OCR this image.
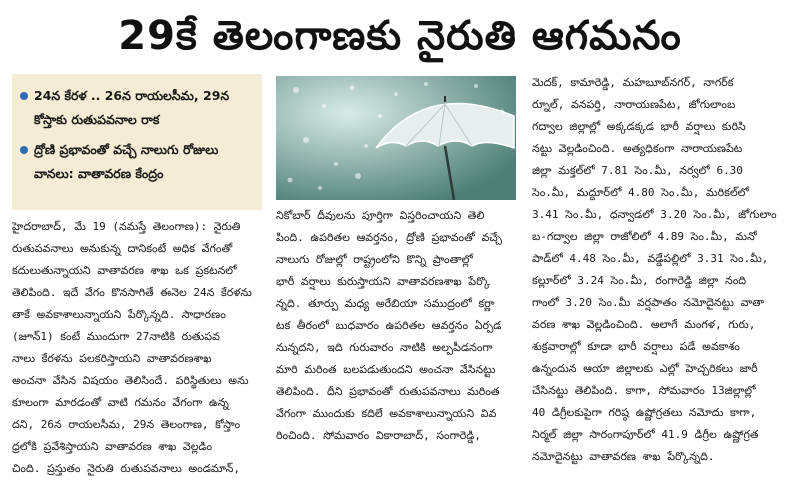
29కే తెలంగాణకు నైరుతి ఆగమనం
24న కేరళ .. 26న రాయలసీమ, 29న కోస్తాకు రుతుపవనాల రాక
ద్రోణి ప్రభావంతో వచ్చే నాలుగు రోజులు వానలు: వాతావరణ కేంద్రం
హైదరాబాద్, మే 19 (నమస్తే తెలంగాణ): నైరుతి
రుతుపవనాలు అనుకున్న దానికంటే అధిక వేగంతో
కదులుతున్నాయని వాతావరణ శాఖ ఒక ప్రకటనలో
తెలిపింది. ఇదే వేగం కొనసాగితే ఈనెల 24న కేరళను
తాకే అవకాశాలున్నాయని పేర్కొన్నది. సాధారణం
(జూన్1) కంటే ముందుగా 27నాటికి రుతుపవ
నాలు కేరళను పలకరిస్తాయని వాతావరణశాఖ
అంచనా వేసిన విషయం తెలిసిందే. పరిస్థితులు అను
కూలంగా మారడంతో వాటి గమనం వేగంగా ఉన్న
దని, 26న రాయలసీమ, 29న తెలంగాణ, కోస్తాం
ధ్రలోకి ప్రవేశిస్తాయని వాతావరణ శాఖ వెల్లడిం
చింది. ప్రస్తుతం నైరుతి రుతుపవనాలు అండమాన్,
నికోబార్ దీవులను పూర్తిగా విస్తరించాయని తెలి
పింది. ఉపరితల ఆవర్తనం, ద్రోణి ప్రభావంతో వచ్చే
నాలుగు రోజుల్లో రాష్ట్రంలోని కొన్ని ప్రాంతాల్లో
భారీ వర్షాలు కురుస్తాయని వాతావరణశాఖ పేర్కొ
న్నది. తూర్పు మధ్య అరేబియా సముద్రంలో కర్ణా
టక తీరంలో బుధవారం ఉపరితల ఆవర్తనం ఏర్పడ
నున్నదని, ఇది గురువారం నాటికి అల్పపీడనంగా
మారి మరింత బలపడుతుందని అంచనా వేసినట్టు
తెలిపింది. దీని ప్రభావంతో రుతుపవనాలు మరింత
వేగంగా ముందుకు కదిలే అవకాశాలున్నాయని వివ
రించింది. సోమవారం వికారాబాద్, సంగారెడ్డి,
మెదక్, కామారెడ్డి, మహబూబ్‌నగర్, నాగర్‌క
ర్నూల్, వనపర్తి, నారాయణపేట, జోగులాంబ
గద్వాల జిల్లాల్లో అక్కడక్కడ భారీ వర్షాలు కురిసి
నట్టు వెల్లడించింది. అత్యధికంగా నారాయణపేట
జిల్లా మక్తల్‌లో 7.81 సెం.మీ, నర్వలో 6.30
సెం.మీ, మద్దూర్‌లో 4.80 సెం.మీ, మరికల్‌లో
3.41 సెం.మీ, ధన్వాడలో 3.20 సెం.మీ, జోగులాం
బ-గద్వాల జిల్లా రాజోలిలో 4.89 సెం.మీ, మనో
పాడ్‌లో 4.48 సెం.మీ, వడ్డేపల్లిలో 3.31 సెం.మీ,
కల్లూర్‌లో 3.24 సెం.మీ, రంగారెడ్డి జిల్లా నంది
గాంలో 3.20 సెం.మీ వర్షపాతం నమోదైనట్టు వాతా
వరణ శాఖ వెల్లడించింది. అలాగే మంగళ, గురు,
శుక్రవారాల్లో కూడా భారీ వర్షాలు పడే అవకాశం
ఉన్నందున ఆయా జిల్లాలకు ఎల్లో హెచ్చరికలు జారీ
చేసినట్టు తెలిపింది. కాగా, సోమవారం 13జిల్లాల్లో
40 డిగ్రీలకుపైగా గరిష్ఠ ఉష్ణోగ్రతలు నమోదు కాగా,
నిర్మల్ జిల్లా సారంగాపూర్‌లో 41.9 డిగ్రీల ఉష్ణోగ్రత
నమోదైనట్టు వాతావరణ శాఖ పేర్కొన్నది.
